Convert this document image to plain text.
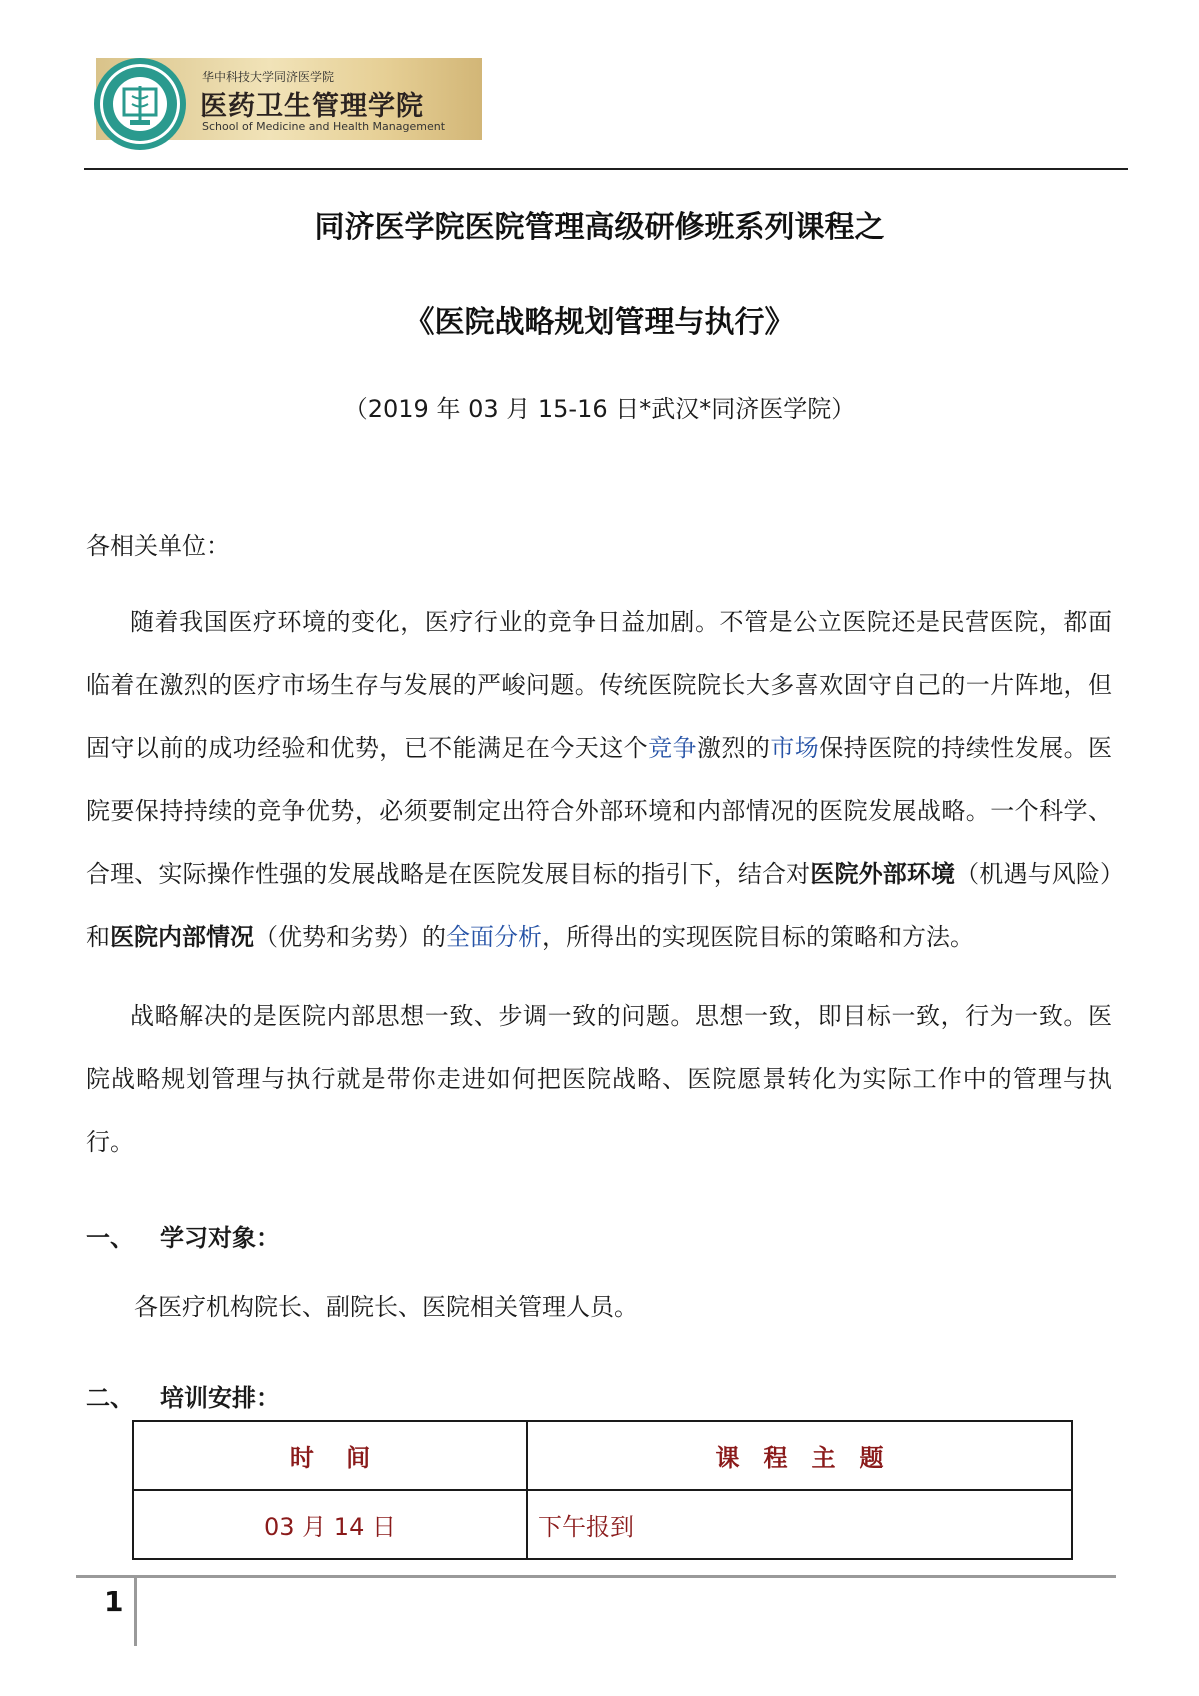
华中科技大学同济医学院
医药卫生管理学院
School of Medicine and Health Management
同济医学院医院管理高级研修班系列课程之
《医院战略规划管理与执行》
（2019 年 03 月 15-16 日*武汉*同济医学院）
各相关单位：

随着我国医疗环境的变化，医疗行业的竞争日益加剧。不管是公立医院还是民营医院，都面临着在激烈的医疗市场生存与发展的严峻问题。传统医院院长大多喜欢固守自己的一片阵地，但固守以前的成功经验和优势，已不能满足在今天这个竞争激烈的市场保持医院的持续性发展。医院要保持持续的竞争优势，必须要制定出符合外部环境和内部情况的医院发展战略。一个科学、合理、实际操作性强的发展战略是在医院发展目标的指引下，结合对医院外部环境（机遇与风险）和医院内部情况（优势和劣势）的全面分析，所得出的实现医院目标的策略和方法。

战略解决的是医院内部思想一致、步调一致的问题。思想一致，即目标一致，行为一致。医院战略规划管理与执行就是带你走进如何把医院战略、医院愿景转化为实际工作中的管理与执行。

一、 学习对象：
各医疗机构院长、副院长、医院相关管理人员。
二、 培训安排：
时　 间	课　程　主　题
03 月 14 日	下午报到
1
